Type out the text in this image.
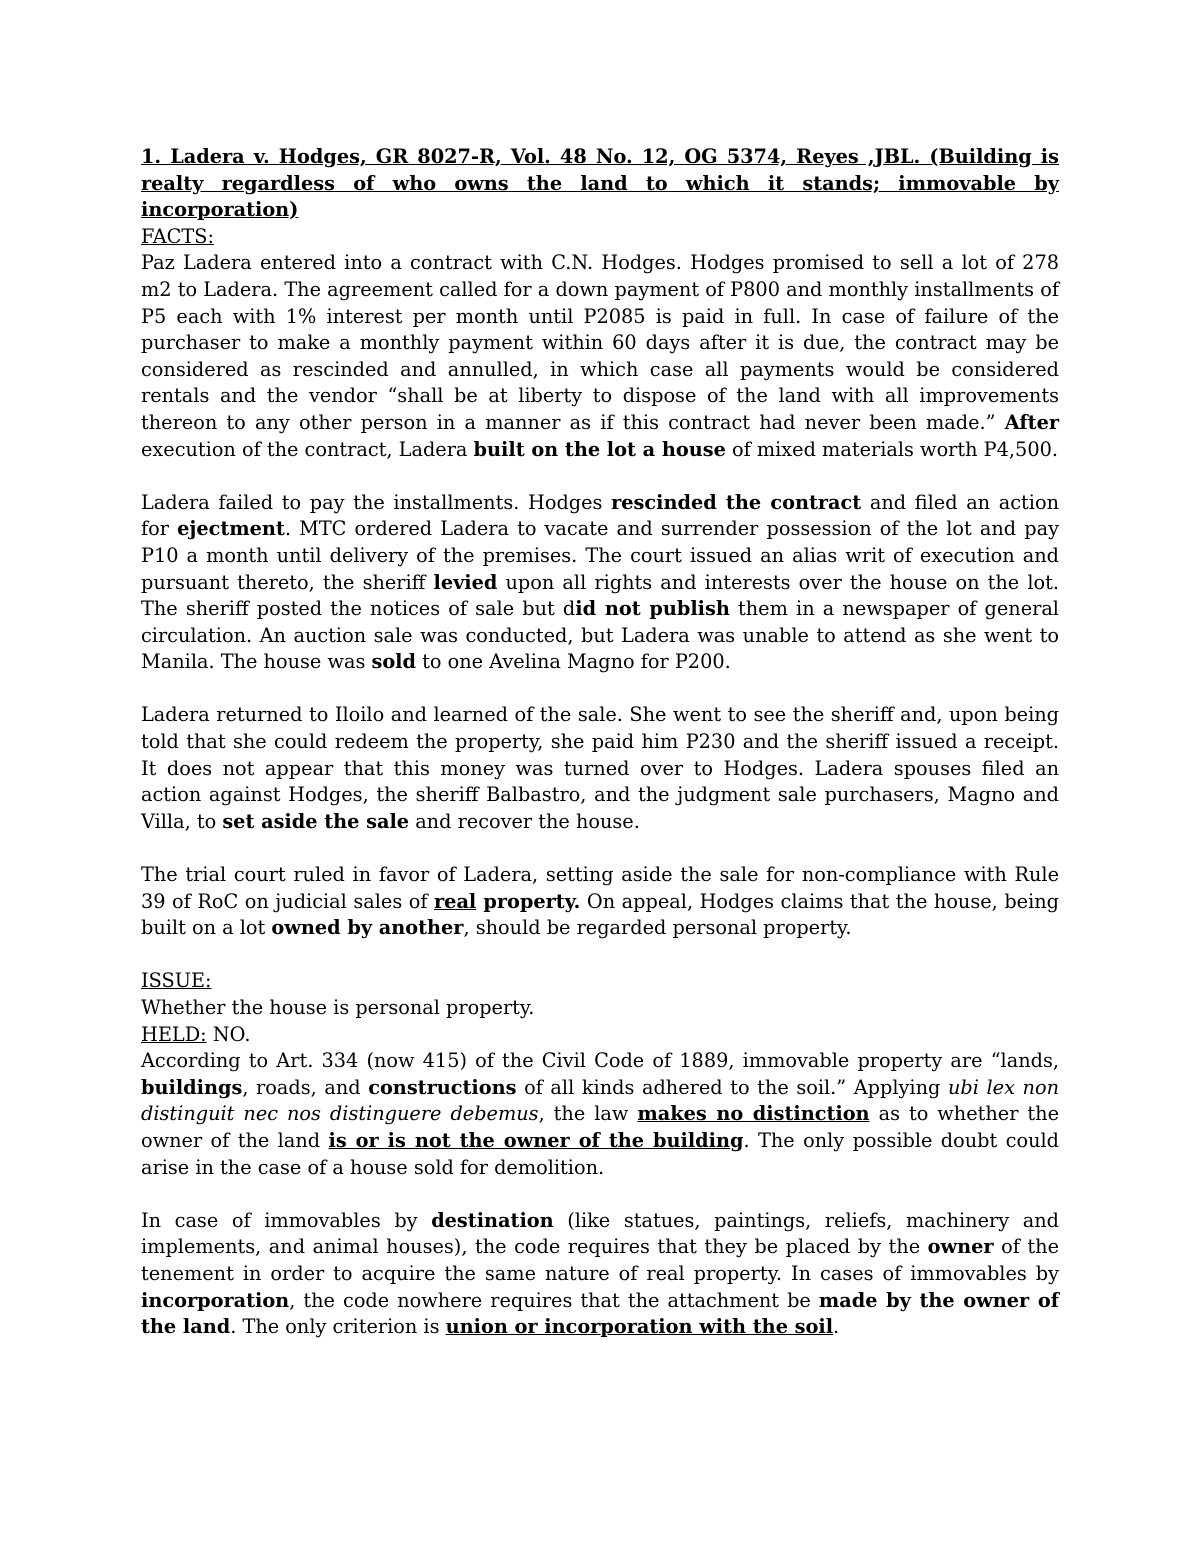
1. Ladera v. Hodges, GR 8027-R, Vol. 48 No. 12, OG 5374, Reyes ,JBL. (Building is realty regardless of who owns the land to which it stands; immovable by incorporation)

FACTS:

Paz Ladera entered into a contract with C.N. Hodges. Hodges promised to sell a lot of 278 m2 to Ladera. The agreement called for a down payment of P800 and monthly installments of P5 each with 1% interest per month until P2085 is paid in full. In case of failure of the purchaser to make a monthly payment within 60 days after it is due, the contract may be considered as rescinded and annulled, in which case all payments would be considered rentals and the vendor “shall be at liberty to dispose of the land with all improvements thereon to any other person in a manner as if this contract had never been made.” After execution of the contract, Ladera built on the lot a house of mixed materials worth P4,500.

Ladera failed to pay the installments. Hodges rescinded the contract and filed an action for ejectment. MTC ordered Ladera to vacate and surrender possession of the lot and pay P10 a month until delivery of the premises. The court issued an alias writ of execution and pursuant thereto, the sheriff levied upon all rights and interests over the house on the lot. The sheriff posted the notices of sale but did not publish them in a newspaper of general circulation. An auction sale was conducted, but Ladera was unable to attend as she went to Manila. The house was sold to one Avelina Magno for P200.

Ladera returned to Iloilo and learned of the sale. She went to see the sheriff and, upon being told that she could redeem the property, she paid him P230 and the sheriff issued a receipt. It does not appear that this money was turned over to Hodges. Ladera spouses filed an action against Hodges, the sheriff Balbastro, and the judgment sale purchasers, Magno and Villa, to set aside the sale and recover the house.

The trial court ruled in favor of Ladera, setting aside the sale for non-compliance with Rule 39 of RoC on judicial sales of real property. On appeal, Hodges claims that the house, being built on a lot owned by another, should be regarded personal property.

ISSUE:

Whether the house is personal property.

HELD: NO.

According to Art. 334 (now 415) of the Civil Code of 1889, immovable property are “lands, buildings, roads, and constructions of all kinds adhered to the soil.” Applying ubi lex non distinguit nec nos distinguere debemus, the law makes no distinction as to whether the owner of the land is or is not the owner of the building. The only possible doubt could arise in the case of a house sold for demolition.

In case of immovables by destination (like statues, paintings, reliefs, machinery and implements, and animal houses), the code requires that they be placed by the owner of the tenement in order to acquire the same nature of real property. In cases of immovables by incorporation, the code nowhere requires that the attachment be made by the owner of the land. The only criterion is union or incorporation with the soil.
